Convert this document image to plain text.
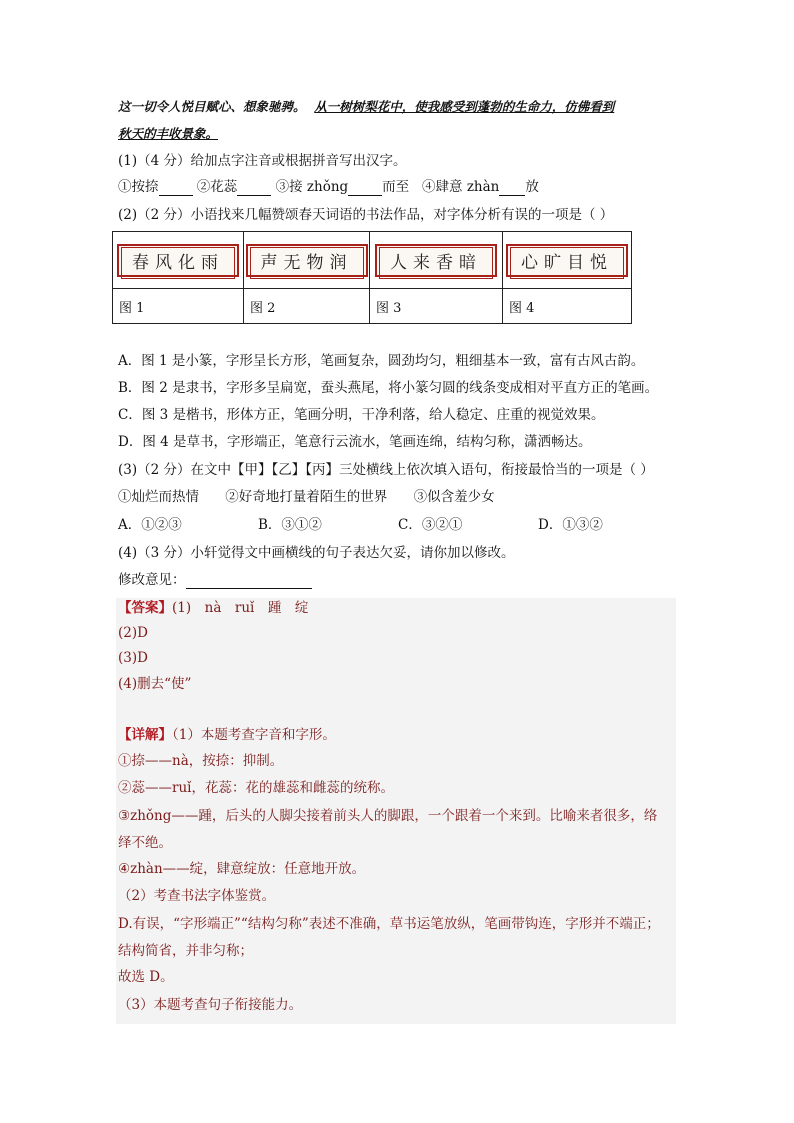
这一切令人悦目赋心、想象驰骋。 从一树树梨花中，使我感受到蓬勃的生命力，仿佛看到
秋天的丰收景象。
(1)（4 分）给加点字注音或根据拼音写出汉字。
①按捺	②花蕊	③接 zhǒng	而至 ④肆意 zhàn 放
(2)（2 分）小语找来几幅赞颂春天词语的书法作品，对字体分析有误的一项是（ ）
春风化雨	声无物润	人来香暗	心旷目悦
图 1	图 2	图 3	图 4
A．图 1 是小篆，字形呈长方形，笔画复杂，圆劲均匀，粗细基本一致，富有古风古韵。
B．图 2 是隶书，字形多呈扁宽，蚕头燕尾，将小篆匀圆的线条变成相对平直方正的笔画。
C．图 3 是楷书，形体方正，笔画分明，干净利落，给人稳定、庄重的视觉效果。
D．图 4 是草书，字形端正，笔意行云流水，笔画连绵，结构匀称，潇洒畅达。
(3)（2 分）在文中【甲】【乙】【丙】三处横线上依次填入语句，衔接最恰当的一项是（ ）
①灿烂而热情 ②好奇地打量着陌生的世界 ③似含羞少女
A．①②③	B．③①②	C．③②①	D．①③②
(4)（3 分）小轩觉得文中画横线的句子表达欠妥，请你加以修改。
修改意见：
【答案】(1)　nà　ruǐ　踵　绽
(2)D
(3)D
(4)删去“使”
【详解】（1）本题考查字音和字形。
①捺——nà，按捺：抑制。
②蕊——ruǐ，花蕊：花的雄蕊和雌蕊的统称。
③zhǒng——踵，后头的人脚尖接着前头人的脚跟，一个跟着一个来到。比喻来者很多，络
绎不绝。
④zhàn——绽，肆意绽放：任意地开放。
（2）考查书法字体鉴赏。
D.有误，“字形端正”“结构匀称”表述不准确，草书运笔放纵，笔画带钩连，字形并不端正；
结构简省，并非匀称；
故选 D。
（3）本题考查句子衔接能力。
